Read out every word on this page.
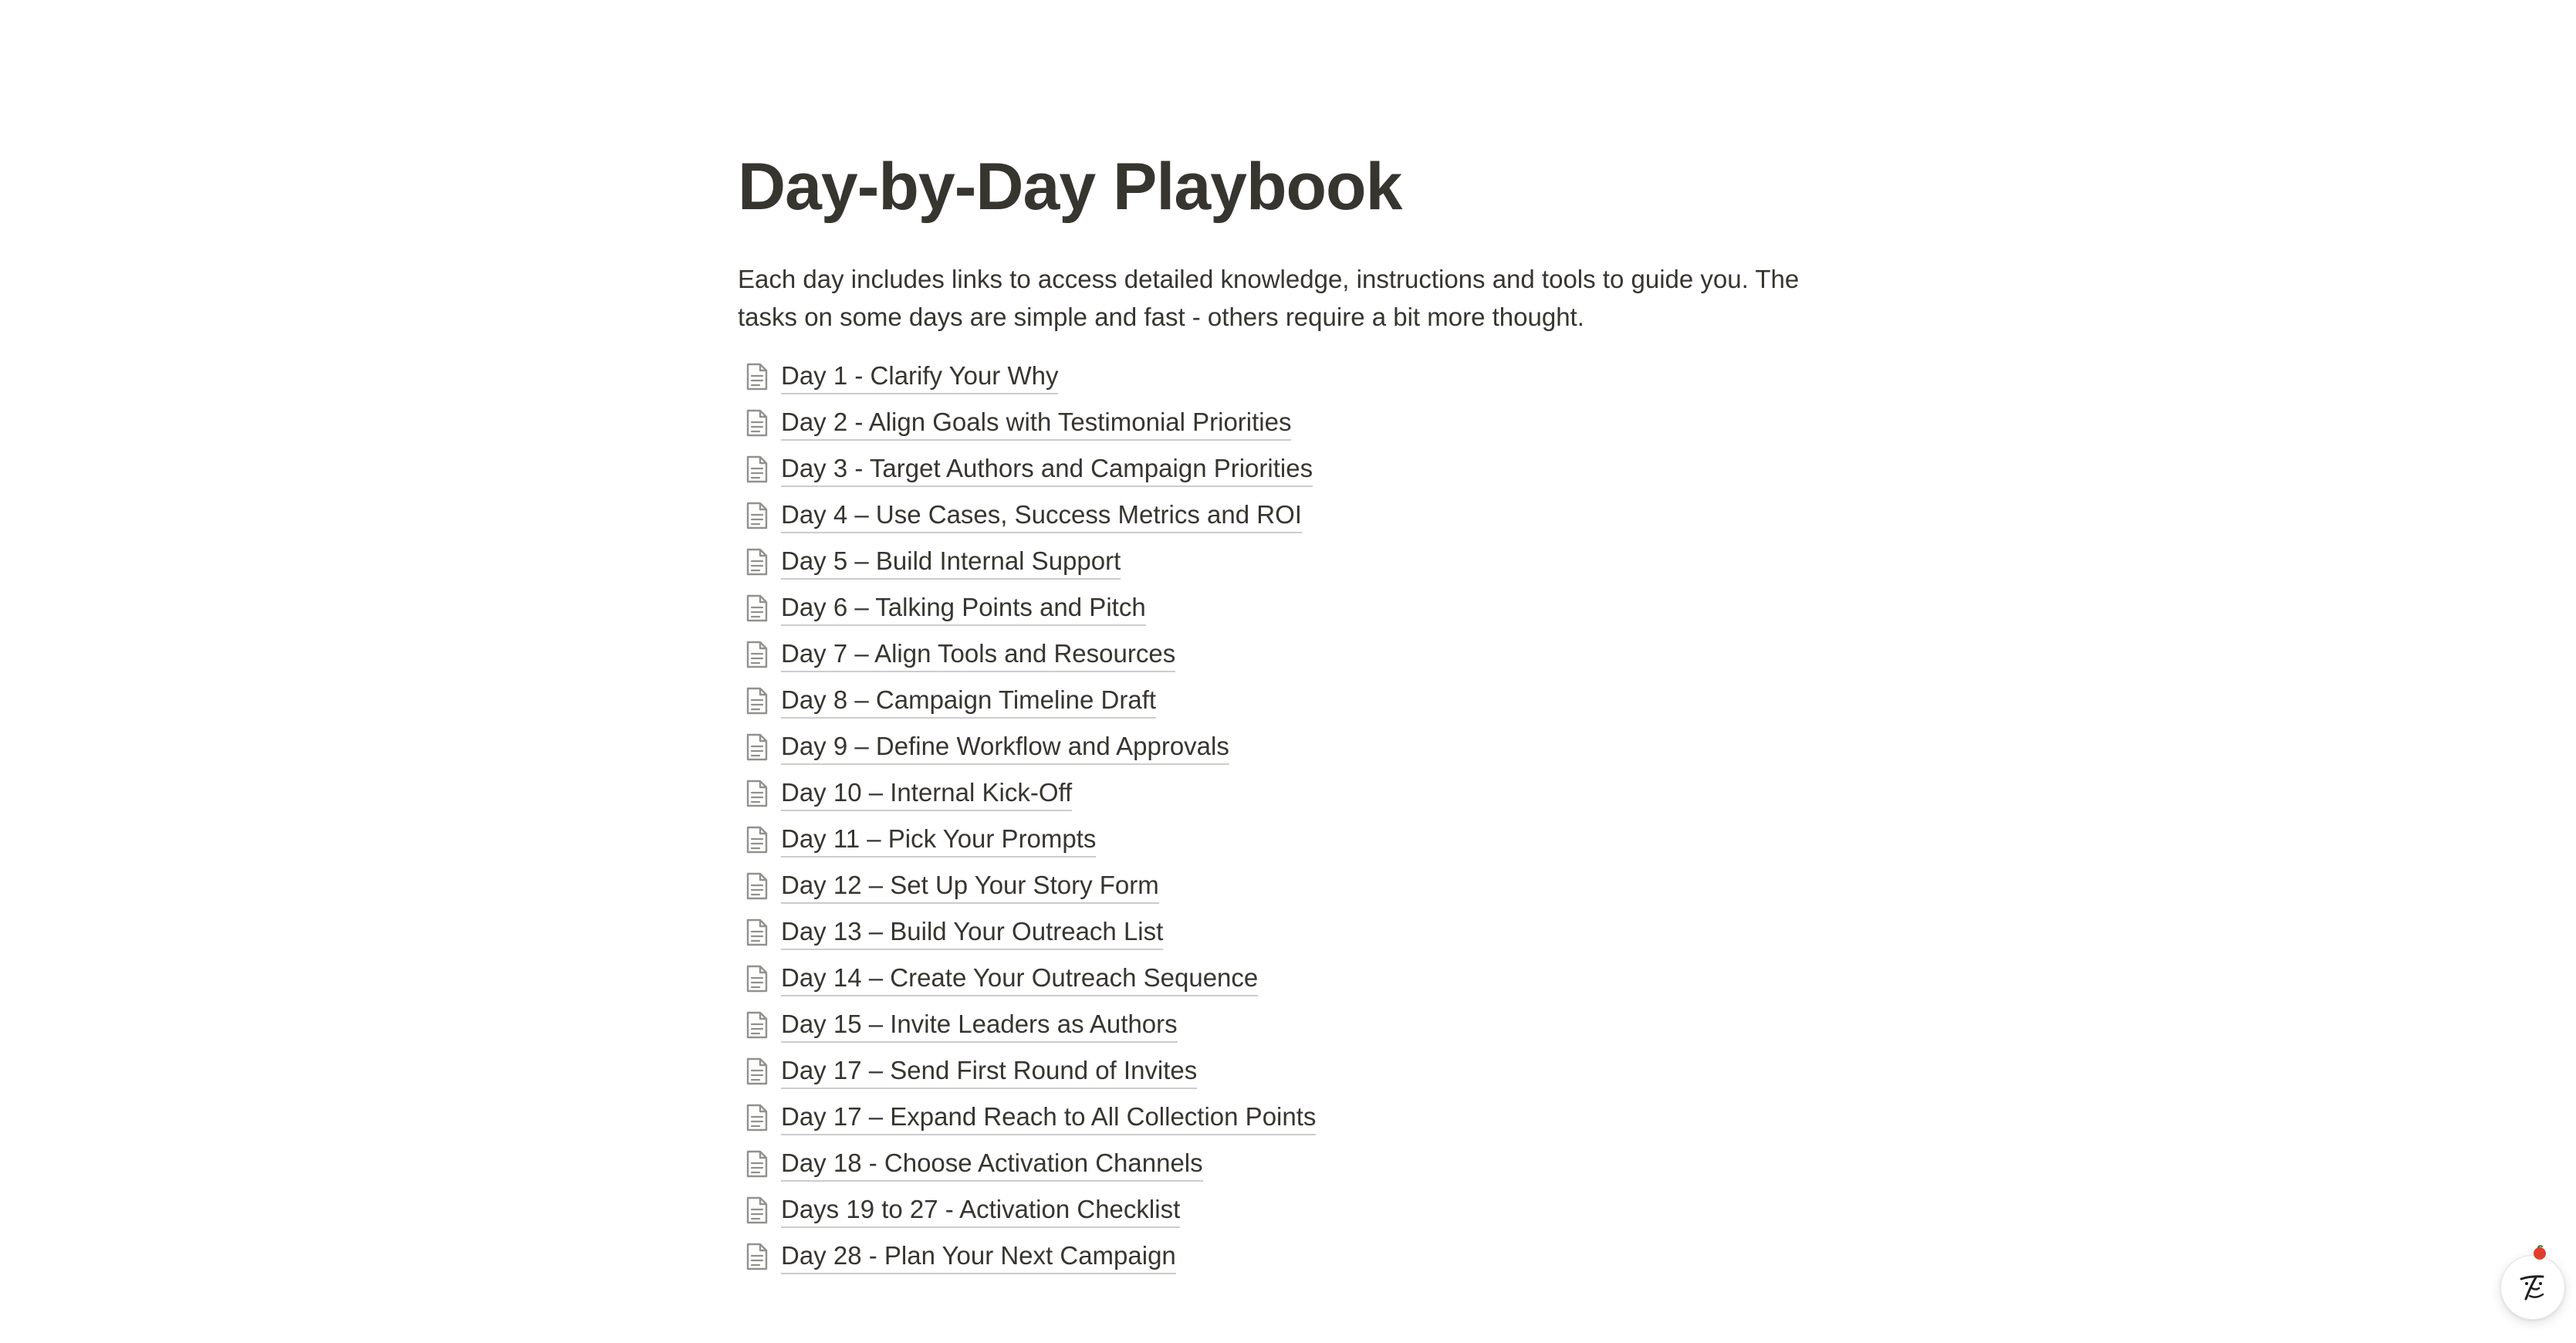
Day-by-Day Playbook

Each day includes links to access detailed knowledge, instructions and tools to guide you. The tasks on some days are simple and fast - others require a bit more thought.

Day 1 - Clarify Your Why
Day 2 - Align Goals with Testimonial Priorities
Day 3 - Target Authors and Campaign Priorities
Day 4 – Use Cases, Success Metrics and ROI
Day 5 – Build Internal Support
Day 6 – Talking Points and Pitch
Day 7 – Align Tools and Resources
Day 8 – Campaign Timeline Draft
Day 9 – Define Workflow and Approvals
Day 10 – Internal Kick-Off
Day 11 – Pick Your Prompts
Day 12 – Set Up Your Story Form
Day 13 – Build Your Outreach List
Day 14 – Create Your Outreach Sequence
Day 15 – Invite Leaders as Authors
Day 17 – Send First Round of Invites
Day 17 – Expand Reach to All Collection Points
Day 18 - Choose Activation Channels
Days 19 to 27 - Activation Checklist
Day 28 - Plan Your Next Campaign
